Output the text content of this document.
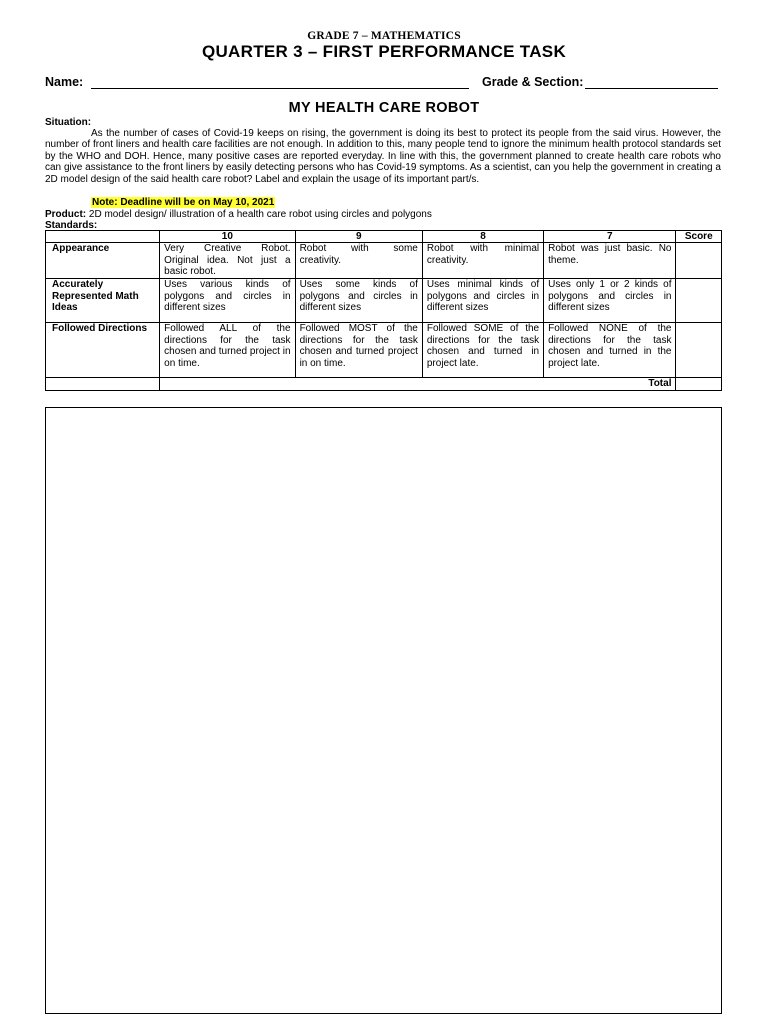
GRADE 7 – MATHEMATICS
QUARTER 3 – FIRST PERFORMANCE TASK
Name:	Grade & Section:
MY HEALTH CARE ROBOT
Situation:
As the number of cases of Covid-19 keeps on rising, the government is doing its best to protect its people from the said virus. However, the number of front liners and health care facilities are not enough. In addition to this, many people tend to ignore the minimum health protocol standards set by the WHO and DOH. Hence, many positive cases are reported everyday. In line with this, the government planned to create health care robots who can give assistance to the front liners by easily detecting persons who has Covid-19 symptoms. As a scientist, can you help the government in creating a 2D model design of the said health care robot? Label and explain the usage of its important part/s.
Note: Deadline will be on May 10, 2021
Product: 2D model design/ illustration of a health care robot using circles and polygons
Standards:
	10	9	8	7	Score
Appearance	Very Creative Robot. Original idea. Not just a basic robot.	Robot with some creativity.	Robot with minimal creativity.	Robot was just basic. No theme.	
Accurately Represented Math Ideas	Uses various kinds of polygons and circles in different sizes	Uses some kinds of polygons and circles in different sizes	Uses minimal kinds of polygons and circles in different sizes	Uses only 1 or 2 kinds of polygons and circles in different sizes	
Followed Directions	Followed ALL of the directions for the task chosen and turned project in on time.	Followed MOST of the directions for the task chosen and turned project in on time.	Followed SOME of the directions for the task chosen and turned in project late.	Followed NONE of the directions for the task chosen and turned in the project late.	
	Total				
